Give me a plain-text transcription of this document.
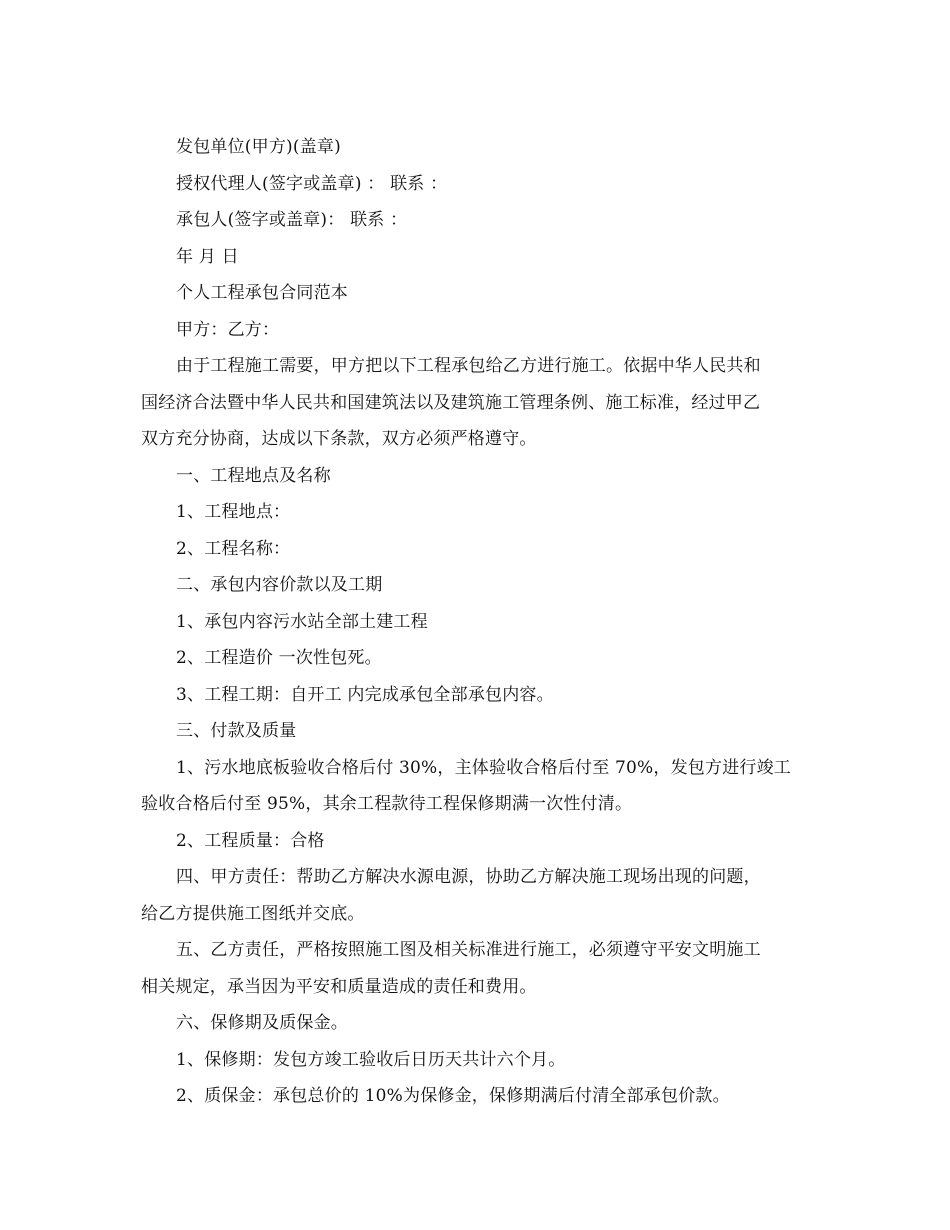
发包单位(甲方)(盖章)
授权代理人(签字或盖章) ： 联系 ：
承包人(签字或盖章)： 联系 ：
年 月 日
个人工程承包合同范本
甲方：乙方：
由于工程施工需要，甲方把以下工程承包给乙方进行施工。依据中华人民共和
国经济合法暨中华人民共和国建筑法以及建筑施工管理条例、施工标准，经过甲乙
双方充分协商，达成以下条款，双方必须严格遵守。
一、工程地点及名称
1、工程地点：
2、工程名称：
二、承包内容价款以及工期
1、承包内容污水站全部土建工程
2、工程造价 一次性包死。
3、工程工期：自开工 内完成承包全部承包内容。
三、付款及质量
1、污水地底板验收合格后付 30%，主体验收合格后付至 70%，发包方进行竣工
验收合格后付至 95%，其余工程款待工程保修期满一次性付清。
2、工程质量：合格
四、甲方责任：帮助乙方解决水源电源，协助乙方解决施工现场出现的问题，
给乙方提供施工图纸并交底。
五、乙方责任，严格按照施工图及相关标准进行施工，必须遵守平安文明施工
相关规定，承当因为平安和质量造成的责任和费用。
六、保修期及质保金。
1、保修期：发包方竣工验收后日历天共计六个月。
2、质保金：承包总价的 10%为保修金，保修期满后付清全部承包价款。
